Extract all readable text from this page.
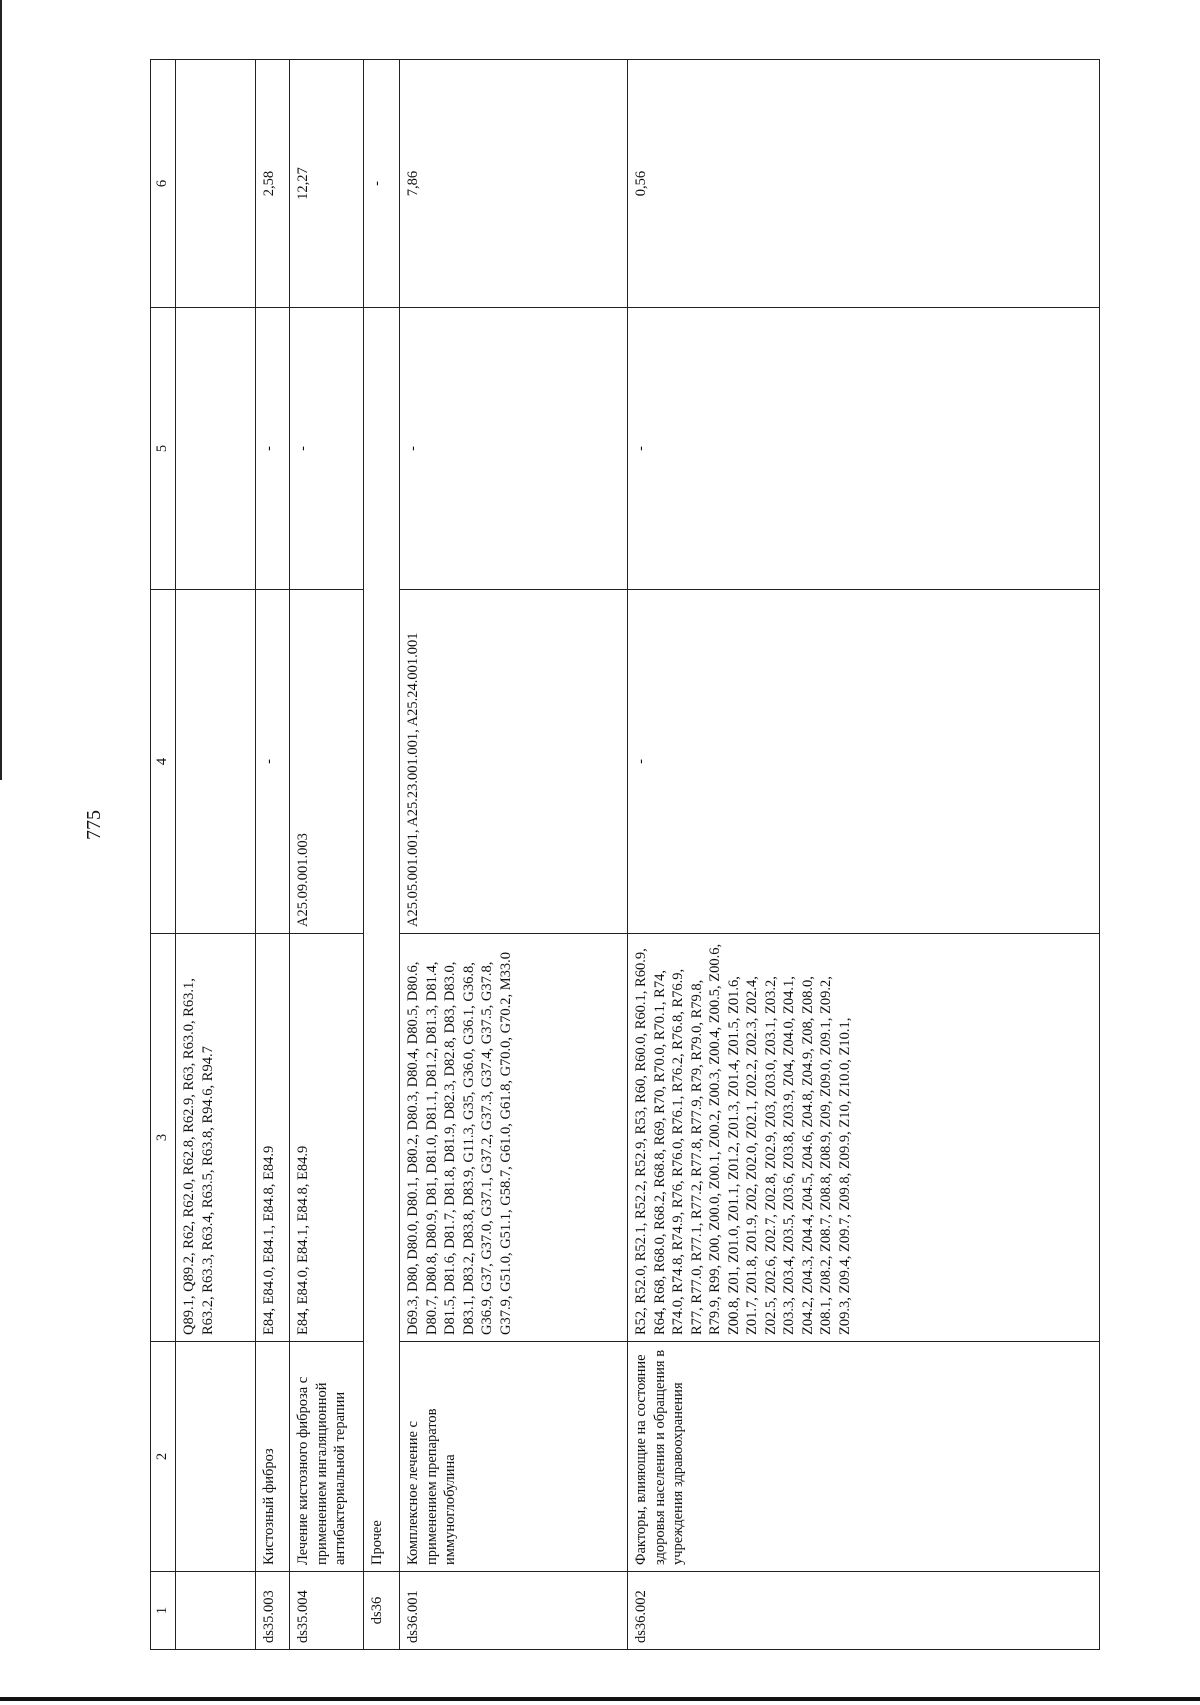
775
1	2	3	4	5	6
		Q89.1, Q89.2, R62, R62.0, R62.8, R62.9, R63, R63.0, R63.1, R63.2, R63.3, R63.4, R63.5, R63.8, R94.6, R94.7			
ds35.003	Кистозный фиброз	E84, E84.0, E84.1, E84.8, E84.9	-	-	2,58
ds35.004	Лечение кистозного фиброза с применением ингаляционной антибактериальной терапии	E84, E84.0, E84.1, E84.8, E84.9	A25.09.001.003	-	12,27
ds36	Прочее				-
ds36.001	Комплексное лечение с применением препаратов иммуноглобулина	D69.3, D80, D80.0, D80.1, D80.2, D80.3, D80.4, D80.5, D80.6, D80.7, D80.8, D80.9, D81, D81.0, D81.1, D81.2, D81.3, D81.4, D81.5, D81.6, D81.7, D81.8, D81.9, D82.3, D82.8, D83, D83.0, D83.1, D83.2, D83.8, D83.9, G11.3, G35, G36.0, G36.1, G36.8, G36.9, G37, G37.0, G37.1, G37.2, G37.3, G37.4, G37.5, G37.8, G37.9, G51.0, G51.1, G58.7, G61.0, G61.8, G70.0, G70.2, M33.0	A25.05.001.001, A25.23.001.001, A25.24.001.001	-	7,86
ds36.002	Факторы, влияющие на состояние здоровья населения и обращения в учреждения здравоохранения	R52, R52.0, R52.1, R52.2, R52.9, R53, R60, R60.0, R60.1, R60.9, R64, R68, R68.0, R68.2, R68.8, R69, R70, R70.0, R70.1, R74, R74.0, R74.8, R74.9, R76, R76.0, R76.1, R76.2, R76.8, R76.9, R77, R77.0, R77.1, R77.2, R77.8, R77.9, R79, R79.0, R79.8, R79.9, R99, Z00, Z00.0, Z00.1, Z00.2, Z00.3, Z00.4, Z00.5, Z00.6, Z00.8, Z01, Z01.0, Z01.1, Z01.2, Z01.3, Z01.4, Z01.5, Z01.6, Z01.7, Z01.8, Z01.9, Z02, Z02.0, Z02.1, Z02.2, Z02.3, Z02.4, Z02.5, Z02.6, Z02.7, Z02.8, Z02.9, Z03, Z03.0, Z03.1, Z03.2, Z03.3, Z03.4, Z03.5, Z03.6, Z03.8, Z03.9, Z04, Z04.0, Z04.1, Z04.2, Z04.3, Z04.4, Z04.5, Z04.6, Z04.8, Z04.9, Z08, Z08.0, Z08.1, Z08.2, Z08.7, Z08.8, Z08.9, Z09, Z09.0, Z09.1, Z09.2, Z09.3, Z09.4, Z09.7, Z09.8, Z09.9, Z10, Z10.0, Z10.1,	-	-	0,56
